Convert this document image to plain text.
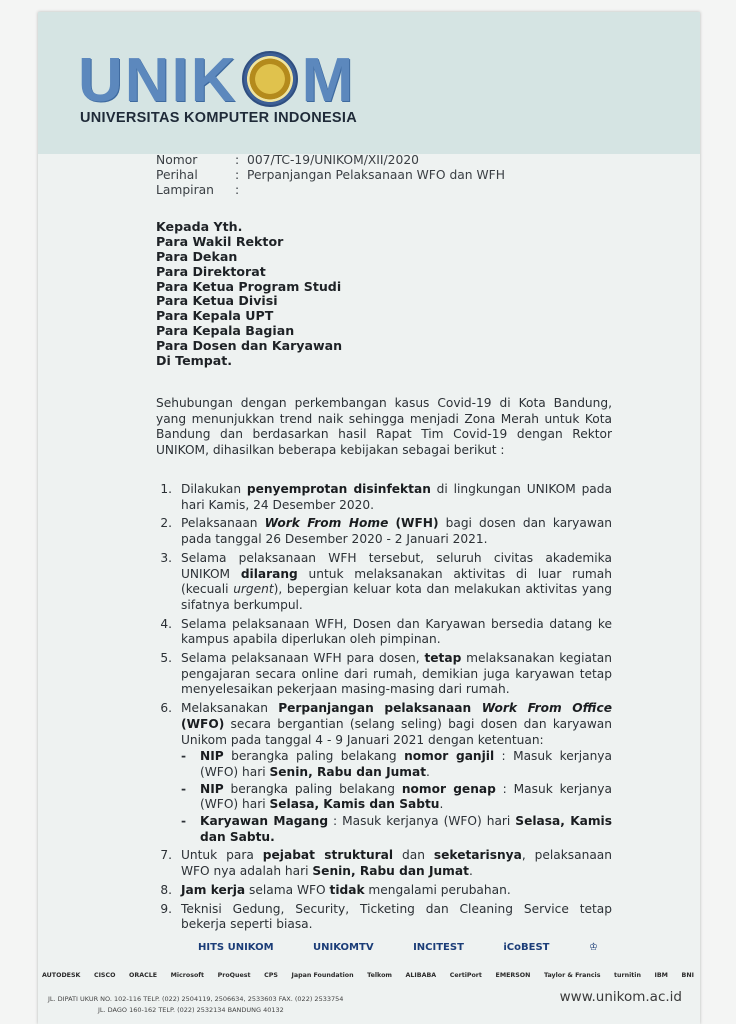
UNIK M
UNIVERSITAS KOMPUTER INDONESIA
Nomor	: 007/TC-19/UNIKOM/XII/2020
Perihal	: Perpanjangan Pelaksanaan WFO dan WFH
Lampiran	:
Kepada Yth.
Para Wakil Rektor
Para Dekan
Para Direktorat
Para Ketua Program Studi
Para Ketua Divisi
Para Kepala UPT
Para Kepala Bagian
Para Dosen dan Karyawan
Di Tempat.

Sehubungan dengan perkembangan kasus Covid-19 di Kota Bandung, yang menunjukkan trend naik sehingga menjadi Zona Merah untuk Kota Bandung dan berdasarkan hasil Rapat Tim Covid-19 dengan Rektor UNIKOM, dihasilkan beberapa kebijakan sebagai berikut :

1. Dilakukan penyemprotan disinfektan di lingkungan UNIKOM pada hari Kamis, 24 Desember 2020.
2. Pelaksanaan Work From Home (WFH) bagi dosen dan karyawan pada tanggal 26 Desember 2020 - 2 Januari 2021.
3. Selama pelaksanaan WFH tersebut, seluruh civitas akademika UNIKOM dilarang untuk melaksanakan aktivitas di luar rumah (kecuali urgent), bepergian keluar kota dan melakukan aktivitas yang sifatnya berkumpul.
4. Selama pelaksanaan WFH, Dosen dan Karyawan bersedia datang ke kampus apabila diperlukan oleh pimpinan.
5. Selama pelaksanaan WFH para dosen, tetap melaksanakan kegiatan pengajaran secara online dari rumah, demikian juga karyawan tetap menyelesaikan pekerjaan masing-masing dari rumah.
6. Melaksanakan Perpanjangan pelaksanaan Work From Office (WFO) secara bergantian (selang seling) bagi dosen dan karyawan Unikom pada tanggal 4 - 9 Januari 2021 dengan ketentuan:
-	NIP berangka paling belakang nomor ganjil : Masuk kerjanya (WFO) hari Senin, Rabu dan Jumat.
-	NIP berangka paling belakang nomor genap : Masuk kerjanya (WFO) hari Selasa, Kamis dan Sabtu.
-	Karyawan Magang : Masuk kerjanya (WFO) hari Selasa, Kamis dan Sabtu.
7. Untuk para pejabat struktural dan seketarisnya, pelaksanaan WFO nya adalah hari Senin, Rabu dan Jumat.
8. Jam kerja selama WFO tidak mengalami perubahan.
9. Teknisi Gedung, Security, Ticketing dan Cleaning Service tetap bekerja seperti biasa.
HITS UNIKOM	UNIKOMTV	INCITEST	iCoBEST	♔
AUTODESK CISCO ORACLE Microsoft ProQuest CPS Japan Foundation Telkom ALIBABA CertiPort EMERSON Taylor & Francis turnitin IBM BNI
JL. DIPATI UKUR NO. 102-116 TELP. (022) 2504119, 2506634, 2533603 FAX. (022) 2533754
JL. DAGO 160-162 TELP. (022) 2532134 BANDUNG 40132
www.unikom.ac.id
